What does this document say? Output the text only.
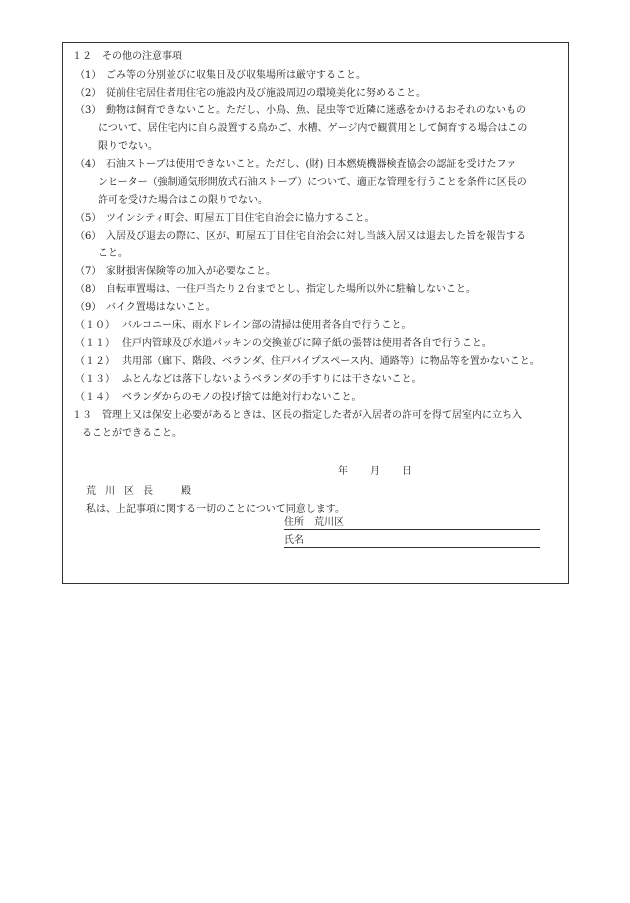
１２　その他の注意事項
（1） ごみ等の分別並びに収集日及び収集場所は厳守すること。
（2） 従前住宅居住者用住宅の施設内及び施設周辺の環境美化に努めること。
（3） 動物は飼育できないこと。ただし、小鳥、魚、昆虫等で近隣に迷惑をかけるおそれのないもの
について、居住宅内に自ら設置する鳥かご、水槽、ゲージ内で観賞用として飼育する場合はこの
限りでない。
（4） 石油ストーブは使用できないこと。ただし、(財) 日本燃焼機器検査協会の認証を受けたファ
ンヒーター（強制通気形開放式石油ストーブ）について、適正な管理を行うことを条件に区長の
許可を受けた場合はこの限りでない。
（5） ツインシティ町会、町屋五丁目住宅自治会に協力すること。
（6） 入居及び退去の際に、区が、町屋五丁目住宅自治会に対し当該入居又は退去した旨を報告する
こと。
（7） 家財損害保険等の加入が必要なこと。
（8） 自転車置場は、一住戸当たり２台までとし、指定した場所以外に駐輪しないこと。
（9） バイク置場はないこと。
（１０） バルコニー床、雨水ドレイン部の清掃は使用者各自で行うこと。
（１１） 住戸内管球及び水道パッキンの交換並びに障子紙の張替は使用者各自で行うこと。
（１２） 共用部（廊下、階段、ベランダ、住戸パイプスペース内、通路等）に物品等を置かないこと。
（１３） ふとんなどは落下しないようベランダの手すりには干さないこと。
（１４） ベランダからのモノの投げ捨ては絶対行わないこと。
１３　管理上又は保安上必要があるときは、区長の指定した者が入居者の許可を得て居室内に立ち入
ることができること。
年 月 日
荒川区長　殿
私は、上記事項に関する一切のことについて同意します。
住所　荒川区
氏名
